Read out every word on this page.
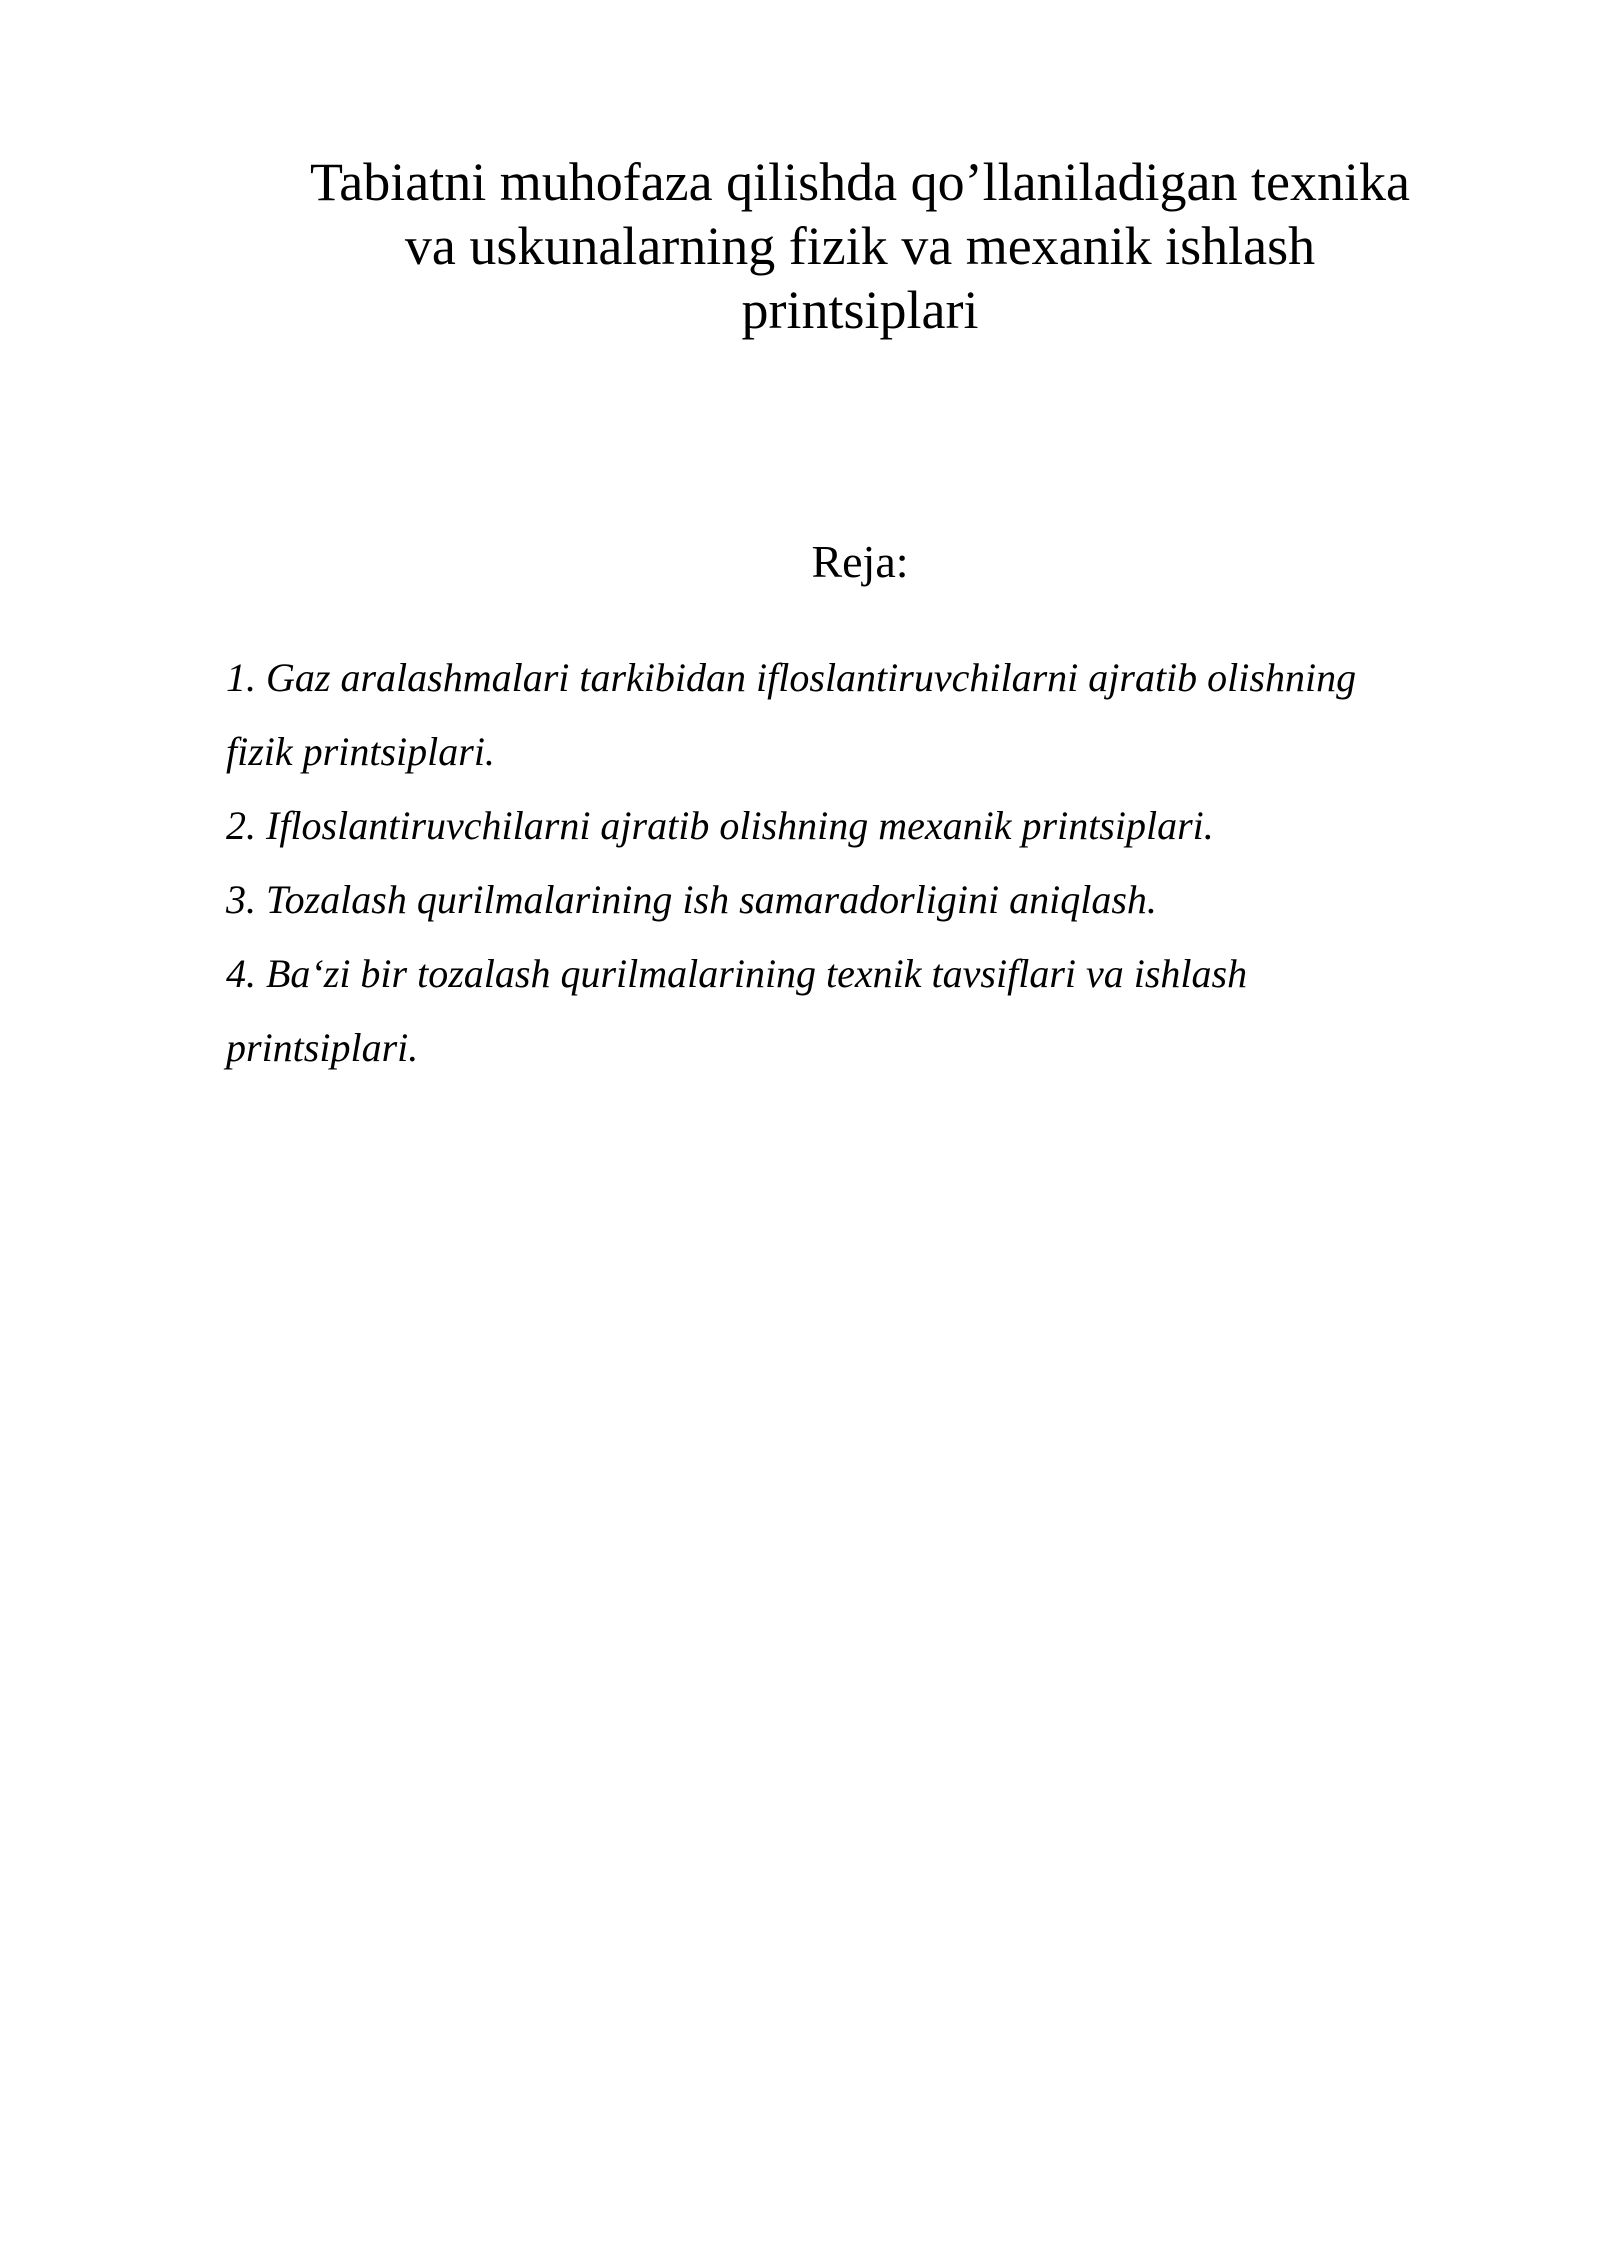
Tabiatni muhofaza qilishda qo’llaniladigan texnika
va uskunalarning fizik va mexanik ishlash
printsiplari
Reja:
1. Gaz aralashmalari tarkibidan ifloslantiruvchilarni ajratib olishning
fizik printsiplari.
2. Ifloslantiruvchilarni ajratib olishning mexanik printsiplari.
3. Tozalash qurilmalarining ish samaradorligini aniqlash.
4. Ba‘zi bir tozalash qurilmalarining texnik tavsiflari va ishlash
printsiplari.
